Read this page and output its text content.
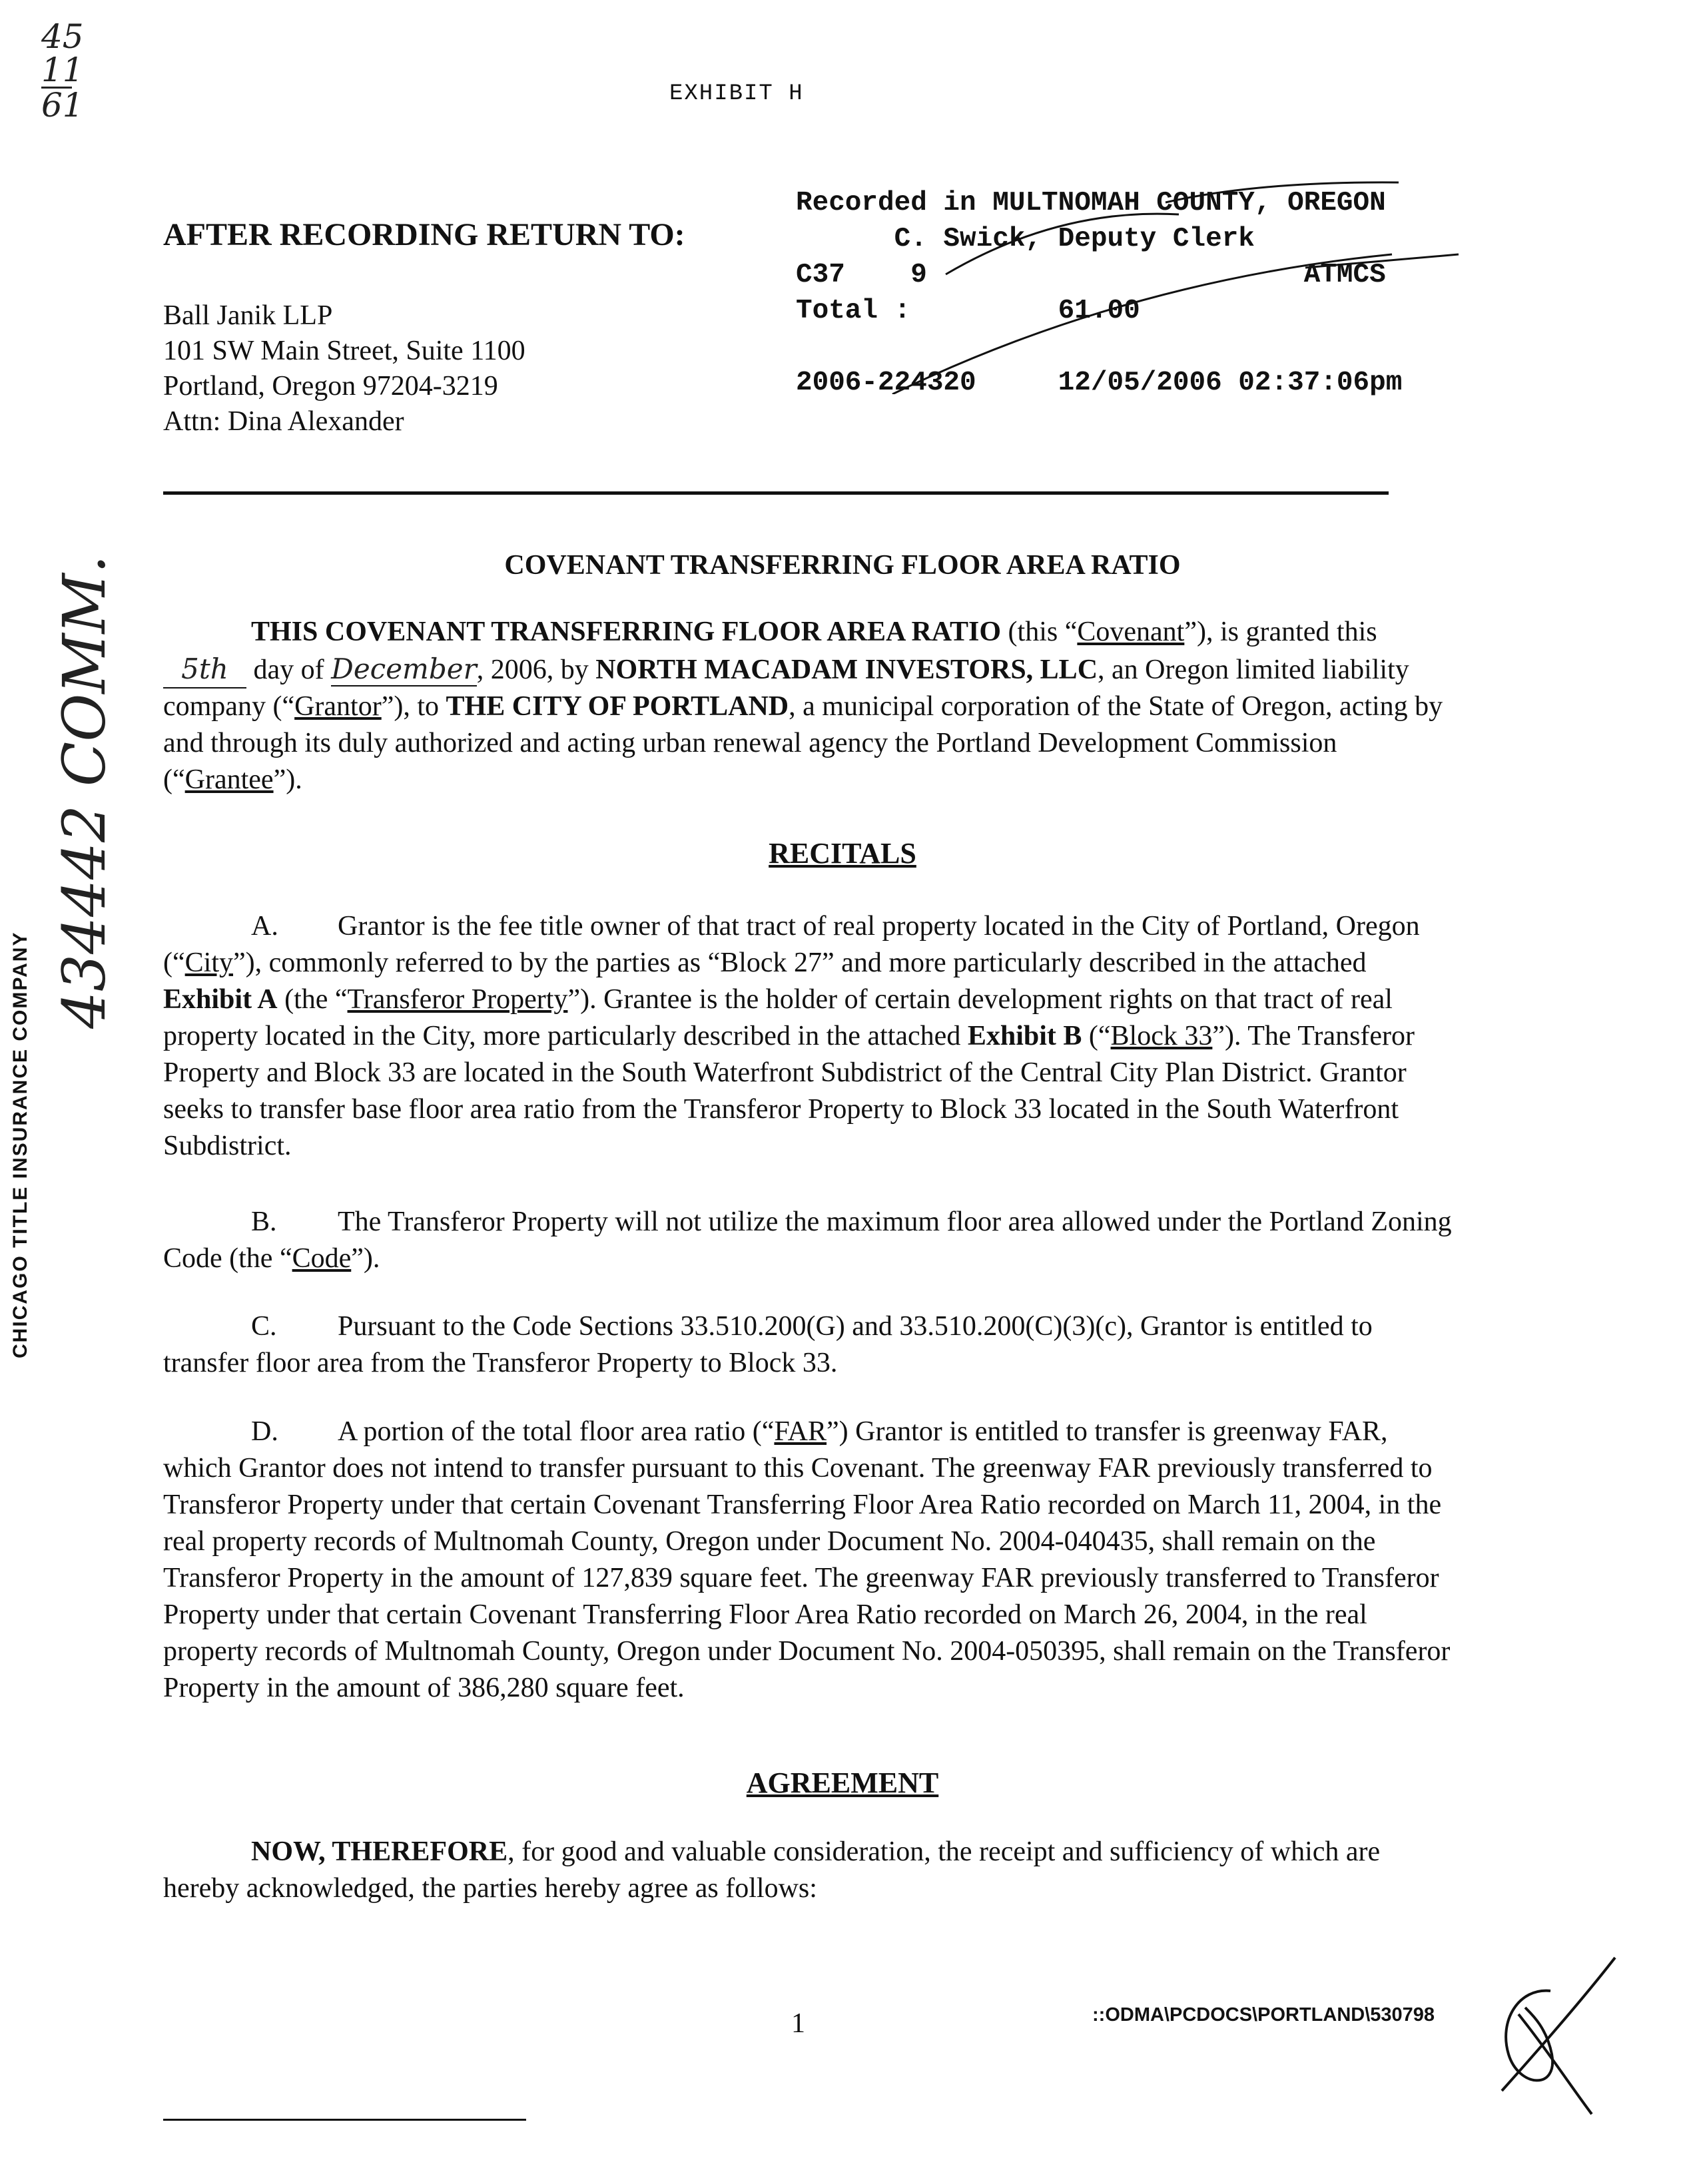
45
11
61	EXHIBIT H
AFTER RECORDING RETURN TO:
Ball Janik LLP
101 SW Main Street, Suite 1100
Portland, Oregon 97204-3219
Attn: Dina Alexander
Recorded in MULTNOMAH COUNTY, OREGON
C. Swick, Deputy Clerk
C37    9                       ATMCS
Total :         61.00
2006-224320     12/05/2006 02:37:06pm
COVENANT TRANSFERRING FLOOR AREA RATIO
THIS COVENANT TRANSFERRING FLOOR AREA RATIO (this “Covenant”), is granted this 5th day of December, 2006, by NORTH MACADAM INVESTORS, LLC, an Oregon limited liability company (“Grantor”), to THE CITY OF PORTLAND, a municipal corporation of the State of Oregon, acting by and through its duly authorized and acting urban renewal agency the Portland Development Commission (“Grantee”).
RECITALS
A. Grantor is the fee title owner of that tract of real property located in the City of Portland, Oregon (“City”), commonly referred to by the parties as “Block 27” and more particularly described in the attached Exhibit A (the “Transferor Property”). Grantee is the holder of certain development rights on that tract of real property located in the City, more particularly described in the attached Exhibit B (“Block 33”). The Transferor Property and Block 33 are located in the South Waterfront Subdistrict of the Central City Plan District. Grantor seeks to transfer base floor area ratio from the Transferor Property to Block 33 located in the South Waterfront Subdistrict.
B. The Transferor Property will not utilize the maximum floor area allowed under the Portland Zoning Code (the “Code”).
C. Pursuant to the Code Sections 33.510.200(G) and 33.510.200(C)(3)(c), Grantor is entitled to transfer floor area from the Transferor Property to Block 33.
D. A portion of the total floor area ratio (“FAR”) Grantor is entitled to transfer is greenway FAR, which Grantor does not intend to transfer pursuant to this Covenant. The greenway FAR previously transferred to Transferor Property under that certain Covenant Transferring Floor Area Ratio recorded on March 11, 2004, in the real property records of Multnomah County, Oregon under Document No. 2004-040435, shall remain on the Transferor Property in the amount of 127,839 square feet. The greenway FAR previously transferred to Transferor Property under that certain Covenant Transferring Floor Area Ratio recorded on March 26, 2004, in the real property records of Multnomah County, Oregon under Document No. 2004-050395, shall remain on the Transferor Property in the amount of 386,280 square feet.
AGREEMENT
NOW, THEREFORE, for good and valuable consideration, the receipt and sufficiency of which are hereby acknowledged, the parties hereby agree as follows:
CHICAGO TITLE INSURANCE COMPANY
434442 COMM.
1	::ODMA\PCDOCS\PORTLAND\530798
